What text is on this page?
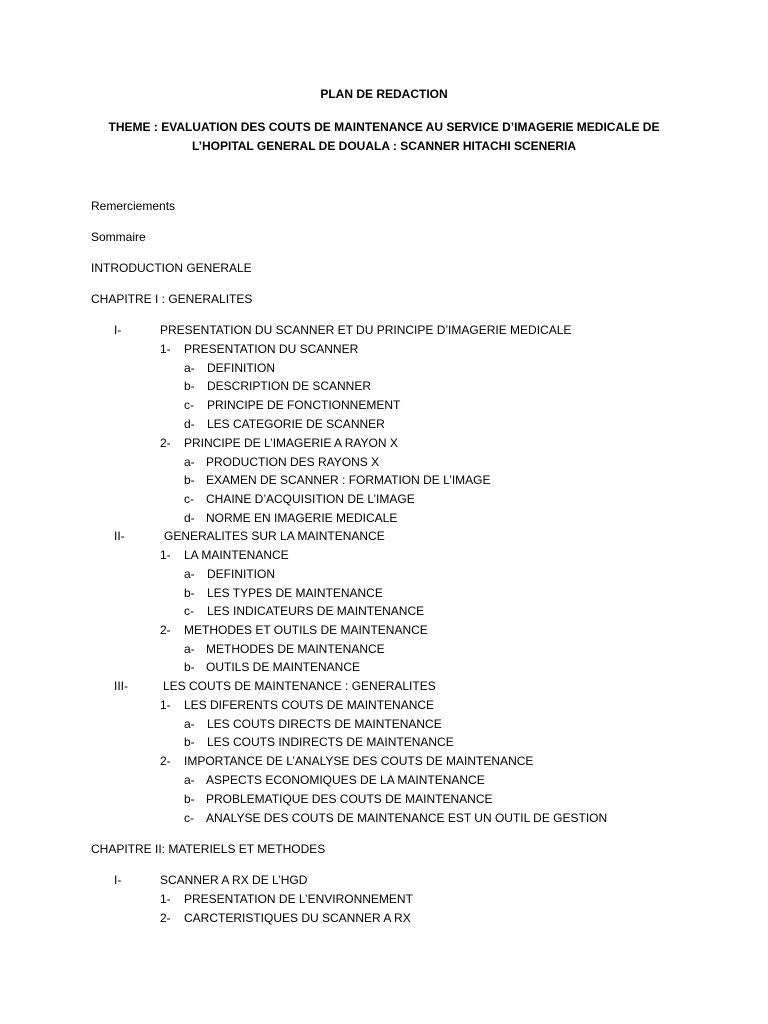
PLAN DE REDACTION
THEME : EVALUATION DES COUTS DE MAINTENANCE AU SERVICE D’IMAGERIE MEDICALE DE
L’HOPITAL GENERAL DE DOUALA : SCANNER HITACHI SCENERIA
Remerciements
Sommaire
INTRODUCTION GENERALE
CHAPITRE I : GENERALITES
I-	PRESENTATION DU SCANNER ET DU PRINCIPE D’IMAGERIE MEDICALE
1- PRESENTATION DU SCANNER
a- DEFINITION
b- DESCRIPTION DE SCANNER
c- PRINCIPE DE FONCTIONNEMENT
d- LES CATEGORIE DE SCANNER
2- PRINCIPE DE L’IMAGERIE A RAYON X
a- PRODUCTION DES RAYONS X
b- EXAMEN DE SCANNER : FORMATION DE L’IMAGE
c- CHAINE D’ACQUISITION DE L’IMAGE
d- NORME EN IMAGERIE MEDICALE
II-	GENERALITES SUR LA MAINTENANCE
1- LA MAINTENANCE
a- DEFINITION
b- LES TYPES DE MAINTENANCE
c- LES INDICATEURS DE MAINTENANCE
2- METHODES ET OUTILS DE MAINTENANCE
a- METHODES DE MAINTENANCE
b- OUTILS DE MAINTENANCE
III-	LES COUTS DE MAINTENANCE : GENERALITES
1- LES DIFERENTS COUTS DE MAINTENANCE
a- LES COUTS DIRECTS DE MAINTENANCE
b- LES COUTS INDIRECTS DE MAINTENANCE
2- IMPORTANCE DE L’ANALYSE DES COUTS DE MAINTENANCE
a- ASPECTS ECONOMIQUES DE LA MAINTENANCE
b- PROBLEMATIQUE DES COUTS DE MAINTENANCE
c- ANALYSE DES COUTS DE MAINTENANCE EST UN OUTIL DE GESTION
CHAPITRE II: MATERIELS ET METHODES
I-	SCANNER A RX DE L’HGD
1- PRESENTATION DE L’ENVIRONNEMENT
2- CARCTERISTIQUES DU SCANNER A RX
